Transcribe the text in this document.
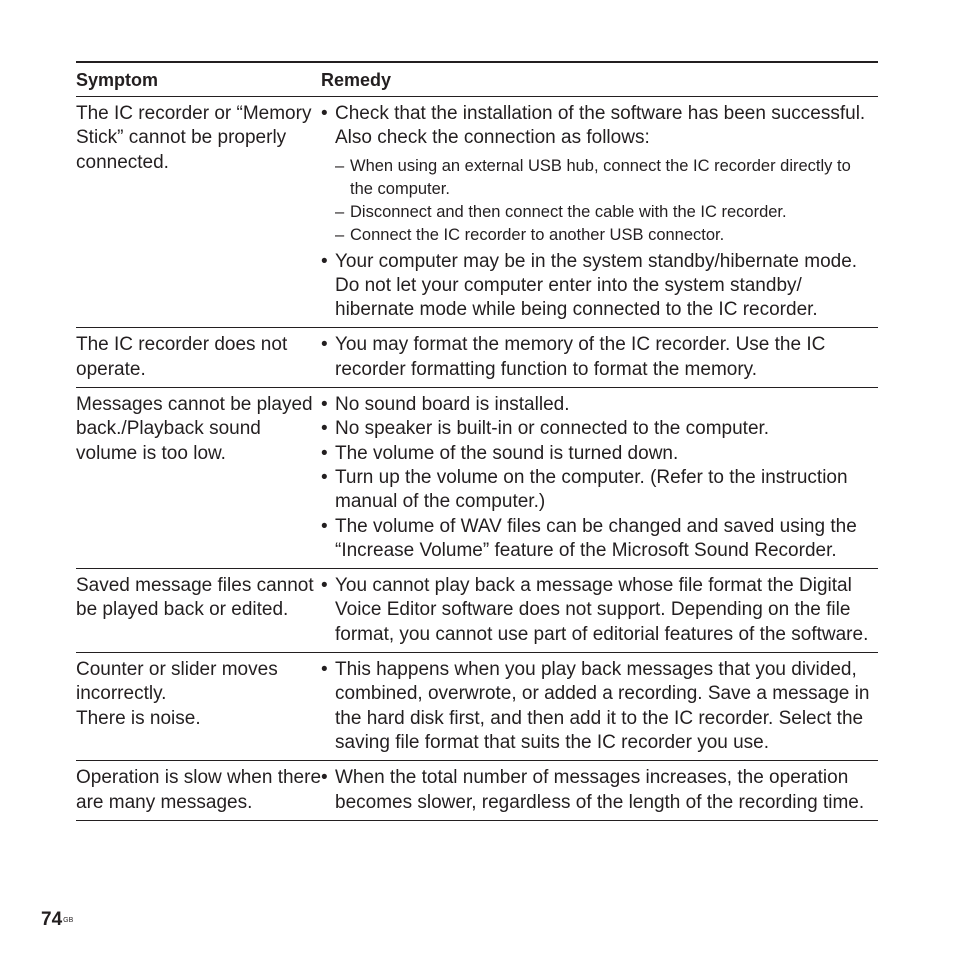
Symptom	Remedy
The IC recorder or “Memory Stick” cannot be properly connected.
• Check that the installation of the software has been successful. Also check the connection as follows:
– When using an external USB hub, connect the IC recorder directly to the computer.
– Disconnect and then connect the cable with the IC recorder.
– Connect the IC recorder to another USB connector.
• Your computer may be in the system standby/hibernate mode. Do not let your computer enter into the system standby/ hibernate mode while being connected to the IC recorder.
The IC recorder does not operate.
• You may format the memory of the IC recorder. Use the IC recorder formatting function to format the memory.
Messages cannot be played back./Playback sound volume is too low.
• No sound board is installed.
• No speaker is built-in or connected to the computer.
• The volume of the sound is turned down.
• Turn up the volume on the computer. (Refer to the instruction manual of the computer.)
• The volume of WAV files can be changed and saved using the “Increase Volume” feature of the Microsoft Sound Recorder.
Saved message files cannot be played back or edited.
• You cannot play back a message whose file format the Digital Voice Editor software does not support. Depending on the file format, you cannot use part of editorial features of the software.
Counter or slider moves incorrectly.
There is noise.
• This happens when you play back messages that you divided, combined, overwrote, or added a recording. Save a message in the hard disk first, and then add it to the IC recorder. Select the saving file format that suits the IC recorder you use.
Operation is slow when there are many messages.
• When the total number of messages increases, the operation becomes slower, regardless of the length of the recording time.
$74^{GB}$
